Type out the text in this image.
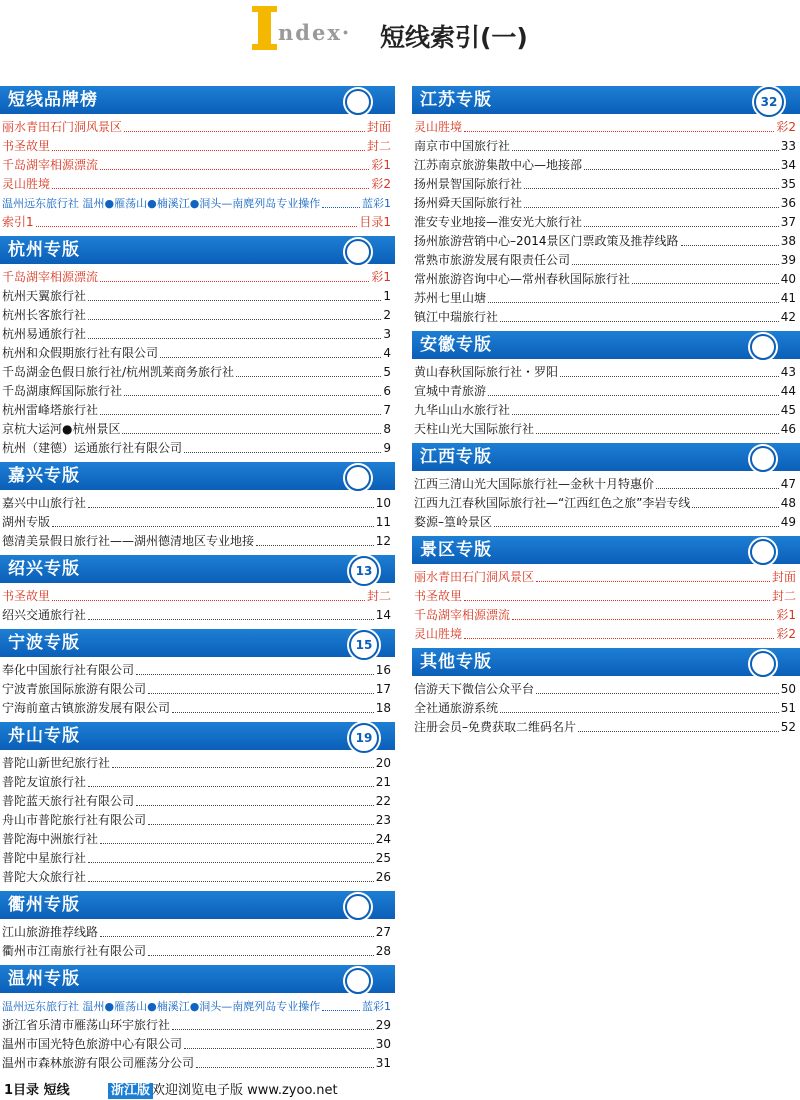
ndex· 短线索引(一)
短线品牌榜
丽水青田石门洞风景区	封面
书圣故里	封二
千岛湖宰相源漂流	彩1
灵山胜境	彩2
温州远东旅行社 温州●雁荡山●楠溪江●洞头—南麂列岛专业操作	蓝彩1
索引1	目录1
杭州专版
千岛湖宰相源漂流	彩1
杭州天翼旅行社	1
杭州长客旅行社	2
杭州易通旅行社	3
杭州和众假期旅行社有限公司	4
千岛湖金色假日旅行社/杭州凯莱商务旅行社	5
千岛湖康辉国际旅行社	6
杭州雷峰塔旅行社	7
京杭大运河●杭州景区	8
杭州（建德）运通旅行社有限公司	9
嘉兴专版
嘉兴中山旅行社	10
湖州专版	11
德清美景假日旅行社——湖州德清地区专业地接	12
绍兴专版	13
书圣故里	封二
绍兴交通旅行社	14
宁波专版	15
奉化中国旅行社有限公司	16
宁波青旅国际旅游有限公司	17
宁海前童古镇旅游发展有限公司	18
舟山专版	19
普陀山新世纪旅行社	20
普陀友谊旅行社	21
普陀蓝天旅行社有限公司	22
舟山市普陀旅行社有限公司	23
普陀海中洲旅行社	24
普陀中星旅行社	25
普陀大众旅行社	26
衢州专版
江山旅游推荐线路	27
衢州市江南旅行社有限公司	28
温州专版
温州远东旅行社 温州●雁荡山●楠溪江●洞头—南麂列岛专业操作	蓝彩1
浙江省乐清市雁荡山环宇旅行社	29
温州市国光特色旅游中心有限公司	30
温州市森林旅游有限公司雁荡分公司	31
江苏专版	32
灵山胜境	彩2
南京市中国旅行社	33
江苏南京旅游集散中心—地接部	34
扬州景智国际旅行社	35
扬州舜天国际旅行社	36
淮安专业地接—淮安光大旅行社	37
扬州旅游营销中心–2014景区门票政策及推荐线路	38
常熟市旅游发展有限责任公司	39
常州旅游咨询中心—常州春秋国际旅行社	40
苏州七里山塘	41
镇江中瑞旅行社	42
安徽专版
黄山春秋国际旅行社・罗阳	43
宣城中青旅游	44
九华山山水旅行社	45
天柱山光大国际旅行社	46
江西专版
江西三清山光大国际旅行社—金秋十月特惠价	47
江西九江春秋国际旅行社—“江西红色之旅”李岩专线	48
婺源–篁岭景区	49
景区专版
丽水青田石门洞风景区	封面
书圣故里	封二
千岛湖宰相源漂流	彩1
灵山胜境	彩2
其他专版
信游天下微信公众平台	50
全社通旅游系统	51
注册会员–免费获取二维码名片	52
1目录 短线	浙江版 欢迎浏览电子版 www.zyoo.net
